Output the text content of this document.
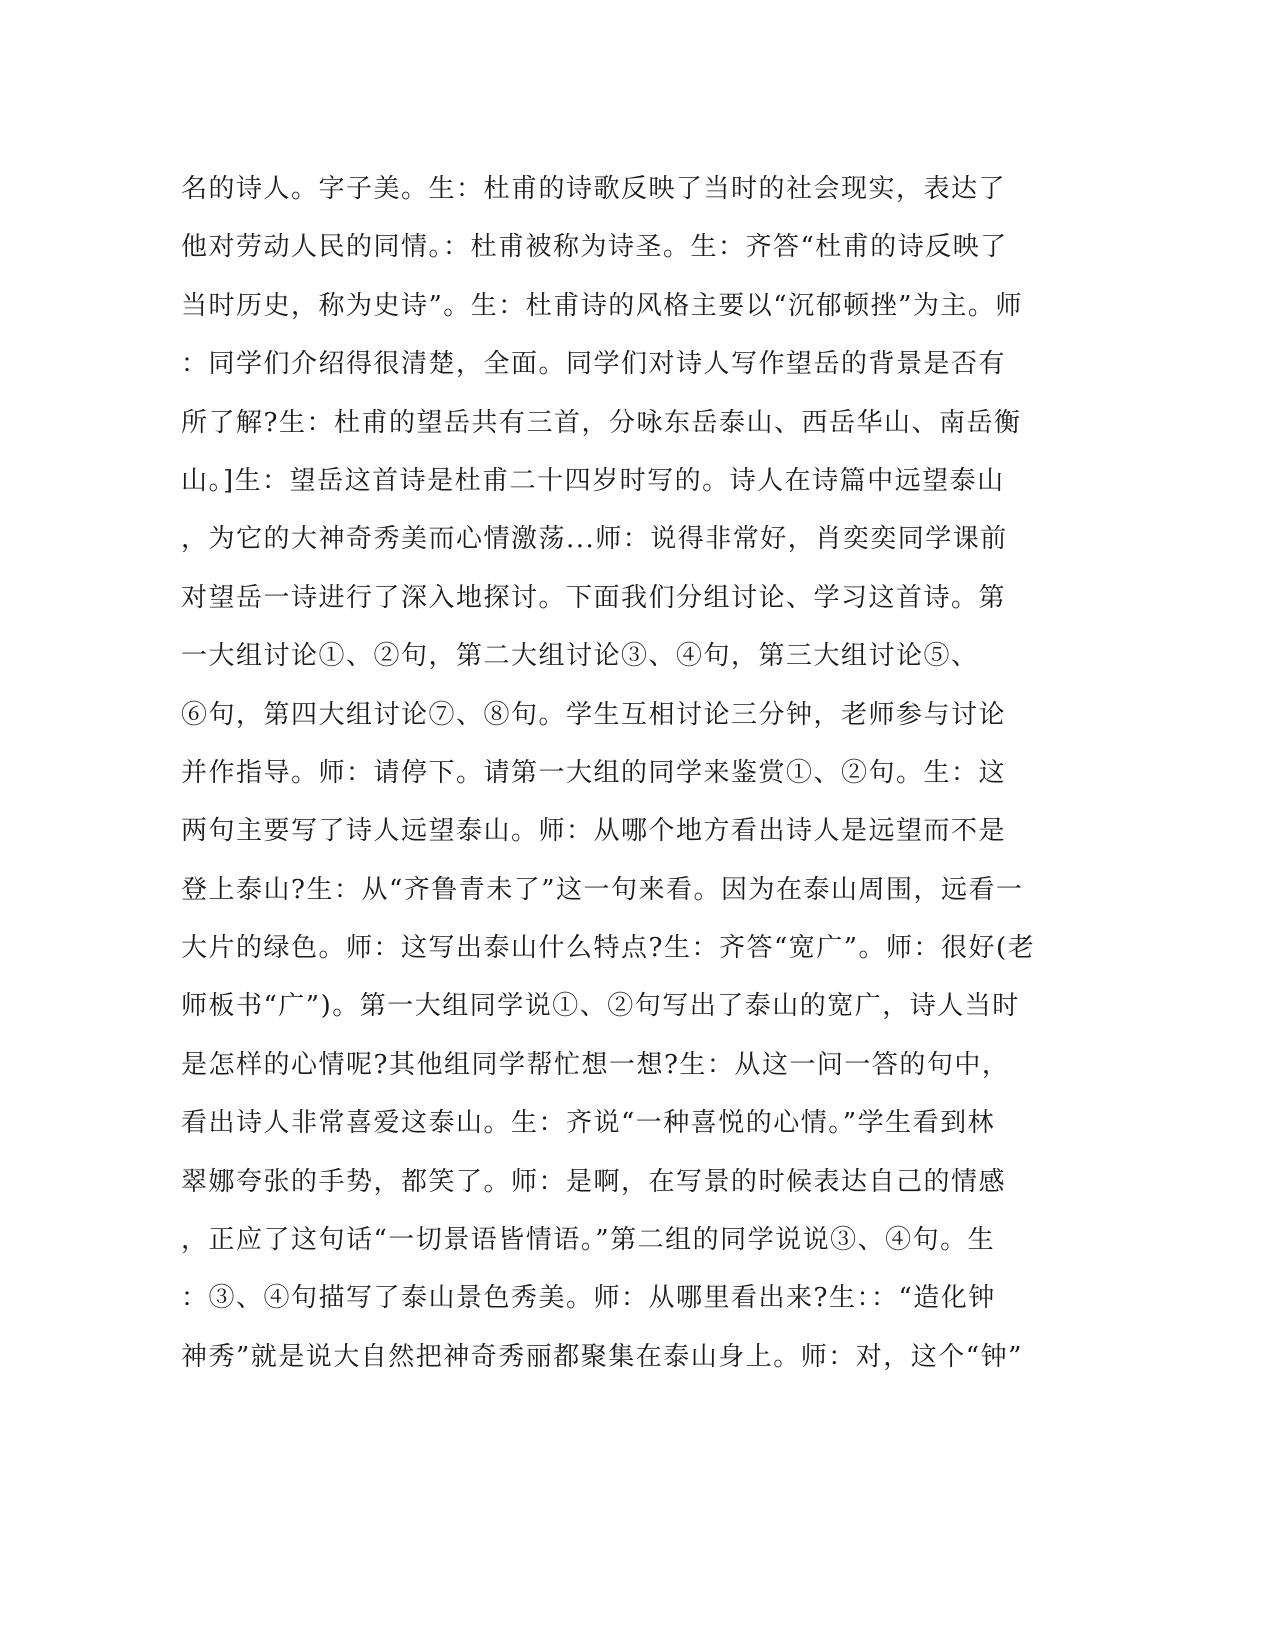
名的诗人。字子美。生：杜甫的诗歌反映了当时的社会现实，表达了
他对劳动人民的同情。：杜甫被称为诗圣。生：齐答“杜甫的诗反映了
当时历史，称为史诗”。生：杜甫诗的风格主要以“沉郁顿挫”为主。师
：同学们介绍得很清楚，全面。同学们对诗人写作望岳的背景是否有
所了解?生：杜甫的望岳共有三首，分咏东岳泰山、西岳华山、南岳衡
山。]生：望岳这首诗是杜甫二十四岁时写的。诗人在诗篇中远望泰山
，为它的大神奇秀美而心情激荡...师：说得非常好，肖奕奕同学课前
对望岳一诗进行了深入地探讨。下面我们分组讨论、学习这首诗。第
一大组讨论①、②句，第二大组讨论③、④句，第三大组讨论⑤、
⑥句，第四大组讨论⑦、⑧句。学生互相讨论三分钟，老师参与讨论
并作指导。师：请停下。请第一大组的同学来鉴赏①、②句。生：这
两句主要写了诗人远望泰山。师：从哪个地方看出诗人是远望而不是
登上泰山?生：从“齐鲁青未了”这一句来看。因为在泰山周围，远看一
大片的绿色。师：这写出泰山什么特点?生：齐答“宽广”。师：很好(老
师板书“广”)。第一大组同学说①、②句写出了泰山的宽广，诗人当时
是怎样的心情呢?其他组同学帮忙想一想?生：从这一问一答的句中，
看出诗人非常喜爱这泰山。生：齐说“一种喜悦的心情。”学生看到林
翠娜夸张的手势，都笑了。师：是啊，在写景的时候表达自己的情感
，正应了这句话“一切景语皆情语。”第二组的同学说说③、④句。生
：③、④句描写了泰山景色秀美。师：从哪里看出来?生：：“造化钟
神秀”就是说大自然把神奇秀丽都聚集在泰山身上。师：对，这个“钟”
